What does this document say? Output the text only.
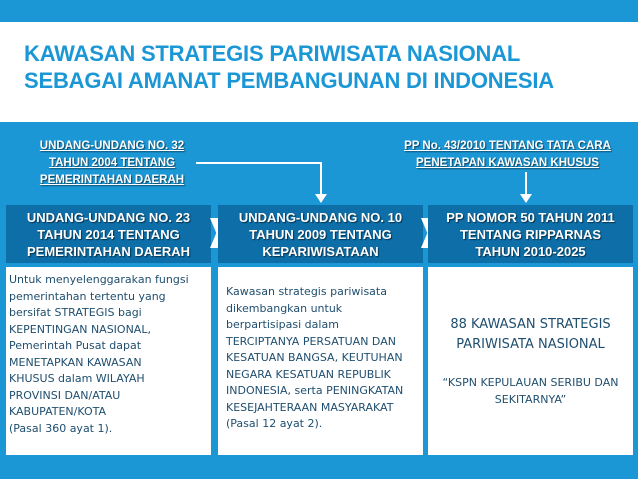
KAWASAN STRATEGIS PARIWISATA NASIONAL
SEBAGAI AMANAT PEMBANGUNAN DI INDONESIA
UNDANG-UNDANG NO. 32
TAHUN 2004 TENTANG
PEMERINTAHAN DAERAH
PP No. 43/2010 TENTANG TATA CARA
PENETAPAN KAWASAN KHUSUS
UNDANG-UNDANG NO. 23
TAHUN 2014 TENTANG
PEMERINTAHAN DAERAH
UNDANG-UNDANG NO. 10
TAHUN 2009 TENTANG
KEPARIWISATAAN
PP NOMOR 50 TAHUN 2011
TENTANG RIPPARNAS
TAHUN 2010-2025
Untuk menyelenggarakan fungsi
pemerintahan tertentu yang
bersifat STRATEGIS bagi
KEPENTINGAN NASIONAL,
Pemerintah Pusat dapat
MENETAPKAN KAWASAN
KHUSUS dalam WILAYAH
PROVINSI DAN/ATAU
KABUPATEN/KOTA
(Pasal 360 ayat 1).
Kawasan strategis pariwisata
dikembangkan untuk
berpartisipasi dalam
TERCIPTANYA PERSATUAN DAN
KESATUAN BANGSA, KEUTUHAN
NEGARA KESATUAN REPUBLIK
INDONESIA, serta PENINGKATAN
KESEJAHTERAAN MASYARAKAT
(Pasal 12 ayat 2).
88 KAWASAN STRATEGIS
PARIWISATA NASIONAL
“KSPN KEPULAUAN SERIBU DAN
SEKITARNYA”
